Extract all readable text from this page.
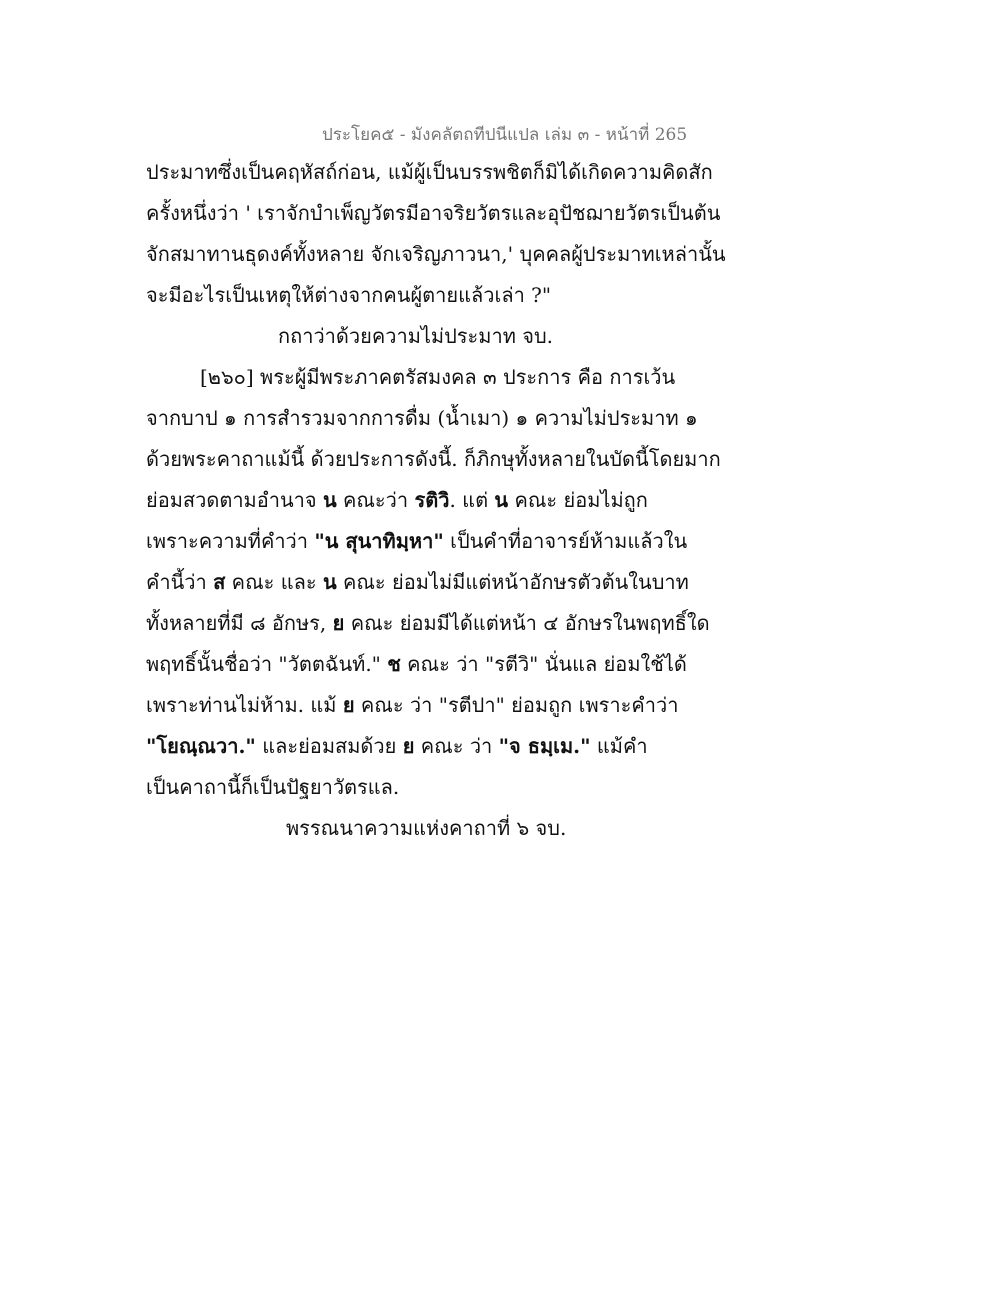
ประโยค๕ - มังคลัตถทีปนีแปล เล่ม ๓ - หน้าที่ 265
ประมาทซึ่งเป็นคฤหัสถ์ก่อน, แม้ผู้เป็นบรรพชิตก็มิได้เกิดความคิดสัก
ครั้งหนึ่งว่า ' เราจักบำเพ็ญวัตรมีอาจริยวัตรและอุปัชฌายวัตรเป็นต้น
จักสมาทานธุดงค์ทั้งหลาย จักเจริญภาวนา,' บุคคลผู้ประมาทเหล่านั้น
จะมีอะไรเป็นเหตุให้ต่างจากคนผู้ตายแล้วเล่า ?"
กถาว่าด้วยความไม่ประมาท จบ.
[๒๖๐] พระผู้มีพระภาคตรัสมงคล ๓ ประการ คือ การเว้น
จากบาป ๑ การสำรวมจากการดื่ม (น้ำเมา) ๑ ความไม่ประมาท ๑
ด้วยพระคาถาแม้นี้ ด้วยประการดังนี้. ก็ภิกษุทั้งหลายในบัดนี้โดยมาก
ย่อมสวดตามอำนาจ น คณะว่า รติวิ. แต่ น คณะ ย่อมไม่ถูก
เพราะความที่คำว่า "น สุนาทิมฺหา" เป็นคำที่อาจารย์ห้ามแล้วใน
คำนี้ว่า ส คณะ และ น คณะ ย่อมไม่มีแต่หน้าอักษรตัวต้นในบาท
ทั้งหลายที่มี ๘ อักษร, ย คณะ ย่อมมีได้แต่หน้า ๔ อักษรในพฤทธิ์ใด
พฤทธิ์นั้นชื่อว่า "วัตตฉันท์." ช คณะ ว่า "รตีวิ" นั่นแล ย่อมใช้ได้
เพราะท่านไม่ห้าม. แม้ ย คณะ ว่า "รตีปา" ย่อมถูก เพราะคำว่า
"โยณฺณวา." และย่อมสมด้วย ย คณะ ว่า "จ ธมฺเม." แม้คำ
เป็นคาถานี้ก็เป็นปัฐยาวัตรแล.
พรรณนาความแห่งคาถาที่ ๖ จบ.
